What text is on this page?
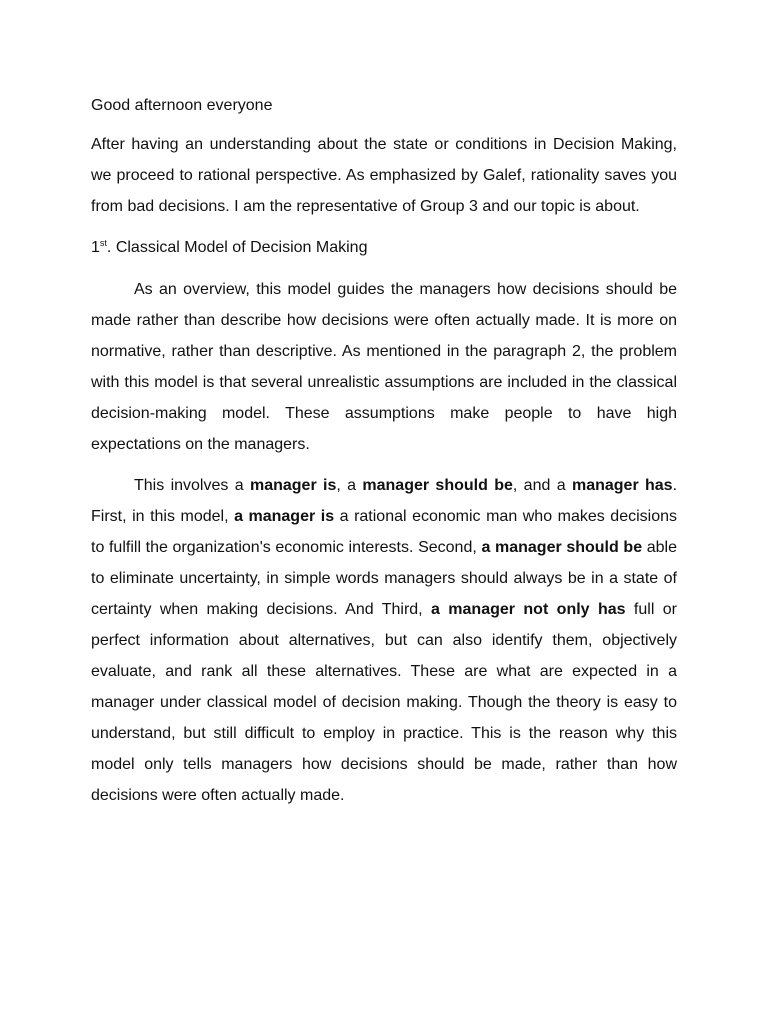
Good afternoon everyone

After having an understanding about the state or conditions in Decision Making, we proceed to rational perspective. As emphasized by Galef, rationality saves you from bad decisions. I am the representative of Group 3 and our topic is about.

1st. Classical Model of Decision Making

As an overview, this model guides the managers how decisions should be made rather than describe how decisions were often actually made. It is more on normative, rather than descriptive. As mentioned in the paragraph 2, the problem with this model is that several unrealistic assumptions are included in the classical decision-making model. These assumptions make people to have high expectations on the managers.

This involves a manager is, a manager should be, and a manager has. First, in this model, a manager is a rational economic man who makes decisions to fulfill the organization's economic interests. Second, a manager should be able to eliminate uncertainty, in simple words managers should always be in a state of certainty when making decisions. And Third, a manager not only has full or perfect information about alternatives, but can also identify them, objectively evaluate, and rank all these alternatives. These are what are expected in a manager under classical model of decision making. Though the theory is easy to understand, but still difficult to employ in practice. This is the reason why this model only tells managers how decisions should be made, rather than how decisions were often actually made.
